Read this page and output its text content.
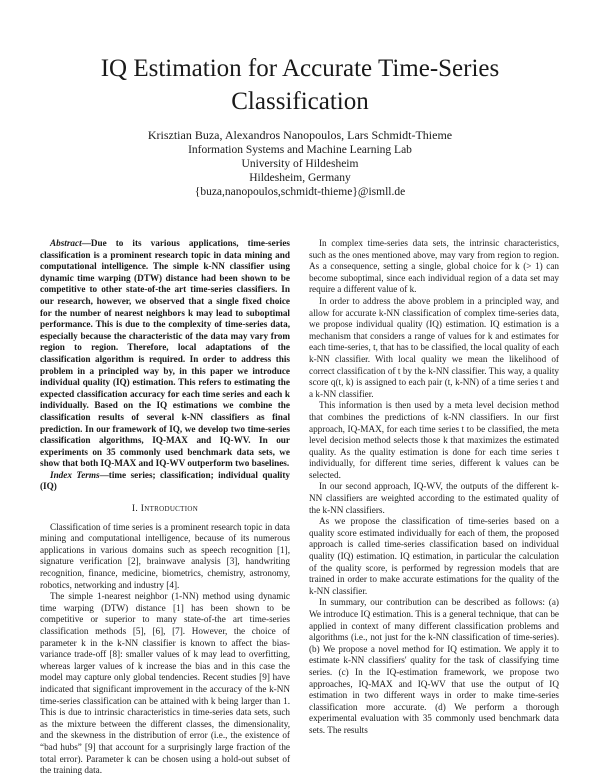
IQ Estimation for Accurate Time-Series Classification
Krisztian Buza, Alexandros Nanopoulos, Lars Schmidt-Thieme
Information Systems and Machine Learning Lab
University of Hildesheim
Hildesheim, Germany
{buza,nanopoulos,schmidt-thieme}@ismll.de

Abstract—Due to its various applications, time-series classification is a prominent research topic in data mining and computational intelligence. The simple k-NN classifier using dynamic time warping (DTW) distance had been shown to be competitive to other state-of-the art time-series classifiers. In our research, however, we observed that a single fixed choice for the number of nearest neighbors k may lead to suboptimal performance. This is due to the complexity of time-series data, especially because the characteristic of the data may vary from region to region. Therefore, local adaptations of the classification algorithm is required. In order to address this problem in a principled way by, in this paper we introduce individual quality (IQ) estimation. This refers to estimating the expected classification accuracy for each time series and each k individually. Based on the IQ estimations we combine the classification results of several k-NN classifiers as final prediction. In our framework of IQ, we develop two time-series classification algorithms, IQ-MAX and IQ-WV. In our experiments on 35 commonly used benchmark data sets, we show that both IQ-MAX and IQ-WV outperform two baselines.

Index Terms—time series; classification; individual quality (IQ)

I. Introduction

Classification of time series is a prominent research topic in data mining and computational intelligence, because of its numerous applications in various domains such as speech recognition [1], signature verification [2], brainwave analysis [3], handwriting recognition, finance, medicine, biometrics, chemistry, astronomy, robotics, networking and industry [4].

The simple 1-nearest neighbor (1-NN) method using dynamic time warping (DTW) distance [1] has been shown to be competitive or superior to many state-of-the art time-series classification methods [5], [6], [7]. However, the choice of parameter k in the k-NN classifier is known to affect the bias-variance trade-off [8]: smaller values of k may lead to overfitting, whereas larger values of k increase the bias and in this case the model may capture only global tendencies. Recent studies [9] have indicated that significant improvement in the accuracy of the k-NN time-series classification can be attained with k being larger than 1. This is due to intrinsic characteristics in time-series data sets, such as the mixture between the different classes, the dimensionality, and the skewness in the distribution of error (i.e., the existence of “bad hubs” [9] that account for a surprisingly large fraction of the total error). Parameter k can be chosen using a hold-out subset of the training data.

In complex time-series data sets, the intrinsic characteristics, such as the ones mentioned above, may vary from region to region. As a consequence, setting a single, global choice for k (> 1) can become suboptimal, since each individual region of a data set may require a different value of k.

In order to address the above problem in a principled way, and allow for accurate k-NN classification of complex time-series data, we propose individual quality (IQ) estimation. IQ estimation is a mechanism that considers a range of values for k and estimates for each time-series, t, that has to be classified, the local quality of each k-NN classifier. With local quality we mean the likelihood of correct classification of t by the k-NN classifier. This way, a quality score q(t, k) is assigned to each pair (t, k-NN) of a time series t and a k-NN classifier.

This information is then used by a meta level decision method that combines the predictions of k-NN classifiers. In our first approach, IQ-MAX, for each time series t to be classified, the meta level decision method selects those k that maximizes the estimated quality. As the quality estimation is done for each time series t individually, for different time series, different k values can be selected.

In our second approach, IQ-WV, the outputs of the different k-NN classifiers are weighted according to the estimated quality of the k-NN classifiers.

As we propose the classification of time-series based on a quality score estimated individually for each of them, the proposed approach is called time-series classification based on individual quality (IQ) estimation. IQ estimation, in particular the calculation of the quality score, is performed by regression models that are trained in order to make accurate estimations for the quality of the k-NN classifier.

In summary, our contribution can be described as follows: (a) We introduce IQ estimation. This is a general technique, that can be applied in context of many different classification problems and algorithms (i.e., not just for the k-NN classification of time-series). (b) We propose a novel method for IQ estimation. We apply it to estimate k-NN classifiers' quality for the task of classifying time series. (c) In the IQ-estimation framework, we propose two approaches, IQ-MAX and IQ-WV that use the output of IQ estimation in two different ways in order to make time-series classification more accurate. (d) We perform a thorough experimental evaluation with 35 commonly used benchmark data sets. The results
